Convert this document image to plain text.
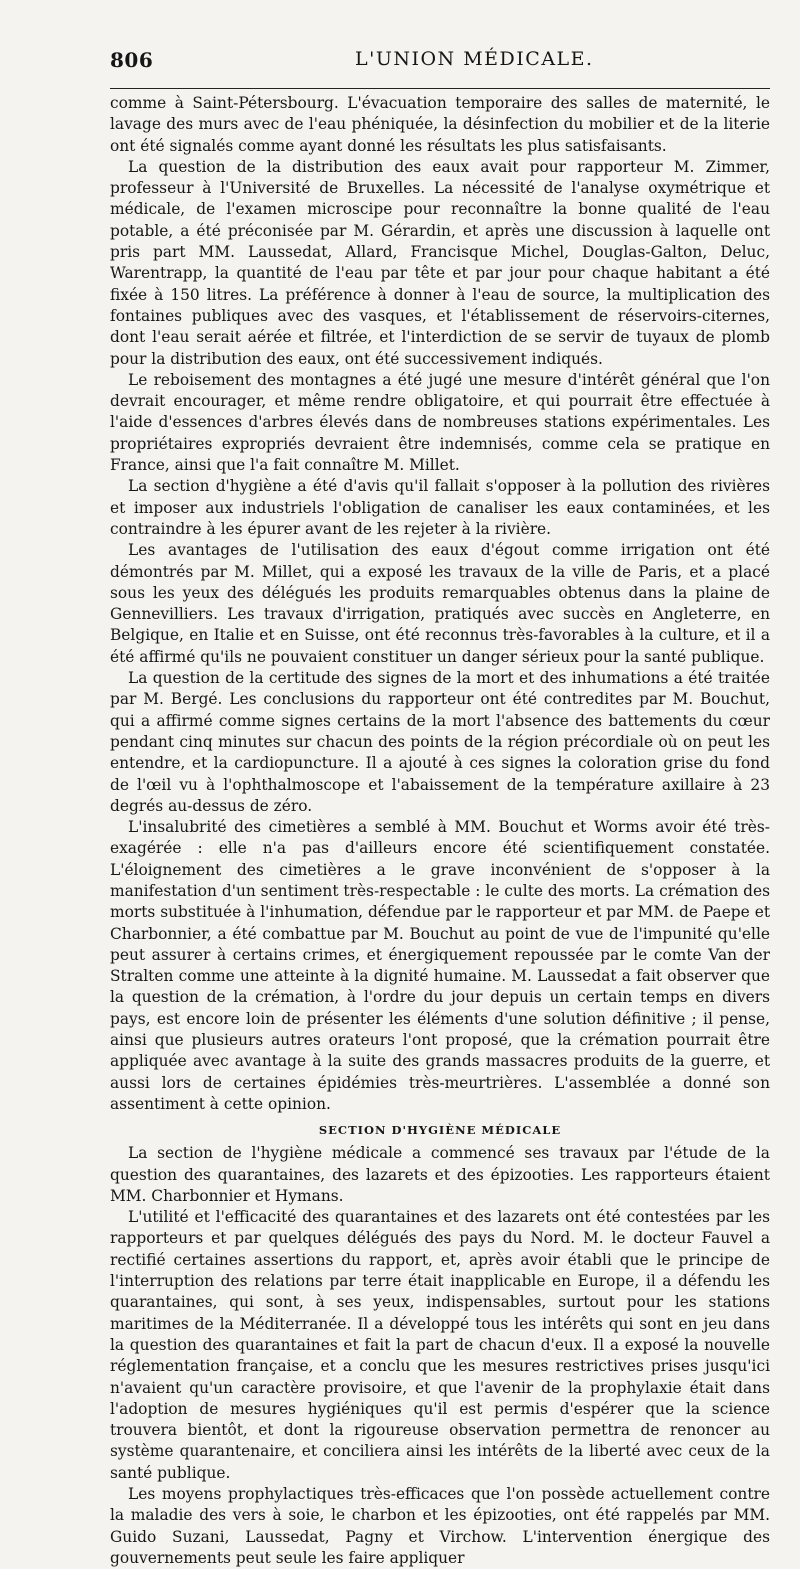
806	L'UNION MÉDICALE.

comme à Saint-Pétersbourg. L'évacuation temporaire des salles de maternité, le lavage des murs avec de l'eau phéniquée, la désinfection du mobilier et de la literie ont été signalés comme ayant donné les résultats les plus satisfaisants.

La question de la distribution des eaux avait pour rapporteur M. Zimmer, professeur à l'Université de Bruxelles. La nécessité de l'analyse oxymétrique et médicale, de l'examen microscipe pour reconnaître la bonne qualité de l'eau potable, a été préconisée par M. Gérardin, et après une discussion à laquelle ont pris part MM. Laussedat, Allard, Francisque Michel, Douglas-Galton, Deluc, Warentrapp, la quantité de l'eau par tête et par jour pour chaque habitant a été fixée à 150 litres. La préférence à donner à l'eau de source, la multiplication des fontaines publiques avec des vasques, et l'établissement de réservoirs-citernes, dont l'eau serait aérée et filtrée, et l'interdiction de se servir de tuyaux de plomb pour la distribution des eaux, ont été successivement indiqués.

Le reboisement des montagnes a été jugé une mesure d'intérêt général que l'on devrait encourager, et même rendre obligatoire, et qui pourrait être effectuée à l'aide d'essences d'arbres élevés dans de nombreuses stations expérimentales. Les propriétaires expropriés devraient être indemnisés, comme cela se pratique en France, ainsi que l'a fait connaître M. Millet.

La section d'hygiène a été d'avis qu'il fallait s'opposer à la pollution des rivières et imposer aux industriels l'obligation de canaliser les eaux contaminées, et les contraindre à les épurer avant de les rejeter à la rivière.

Les avantages de l'utilisation des eaux d'égout comme irrigation ont été démontrés par M. Millet, qui a exposé les travaux de la ville de Paris, et a placé sous les yeux des délégués les produits remarquables obtenus dans la plaine de Gennevilliers. Les travaux d'irrigation, pratiqués avec succès en Angleterre, en Belgique, en Italie et en Suisse, ont été reconnus très-favorables à la culture, et il a été affirmé qu'ils ne pouvaient constituer un danger sérieux pour la santé publique.

La question de la certitude des signes de la mort et des inhumations a été traitée par M. Bergé. Les conclusions du rapporteur ont été contredites par M. Bouchut, qui a affirmé comme signes certains de la mort l'absence des battements du cœur pendant cinq minutes sur chacun des points de la région précordiale où on peut les entendre, et la cardiopuncture. Il a ajouté à ces signes la coloration grise du fond de l'œil vu à l'ophthalmoscope et l'abaissement de la température axillaire à 23 degrés au-dessus de zéro.

L'insalubrité des cimetières a semblé à MM. Bouchut et Worms avoir été très-exagérée : elle n'a pas d'ailleurs encore été scientifiquement constatée. L'éloignement des cimetières a le grave inconvénient de s'opposer à la manifestation d'un sentiment très-respectable : le culte des morts. La crémation des morts substituée à l'inhumation, défendue par le rapporteur et par MM. de Paepe et Charbonnier, a été combattue par M. Bouchut au point de vue de l'impunité qu'elle peut assurer à certains crimes, et énergiquement repoussée par le comte Van der Stralten comme une atteinte à la dignité humaine. M. Laussedat a fait observer que la question de la crémation, à l'ordre du jour depuis un certain temps en divers pays, est encore loin de présenter les éléments d'une solution définitive ; il pense, ainsi que plusieurs autres orateurs l'ont proposé, que la crémation pourrait être appliquée avec avantage à la suite des grands massacres produits de la guerre, et aussi lors de certaines épidémies très-meurtrières. L'assemblée a donné son assentiment à cette opinion.

SECTION D'HYGIÈNE MÉDICALE

La section de l'hygiène médicale a commencé ses travaux par l'étude de la question des quarantaines, des lazarets et des épizooties. Les rapporteurs étaient MM. Charbonnier et Hymans.

L'utilité et l'efficacité des quarantaines et des lazarets ont été contestées par les rapporteurs et par quelques délégués des pays du Nord. M. le docteur Fauvel a rectifié certaines assertions du rapport, et, après avoir établi que le principe de l'interruption des relations par terre était inapplicable en Europe, il a défendu les quarantaines, qui sont, à ses yeux, indispensables, surtout pour les stations maritimes de la Méditerranée. Il a développé tous les intérêts qui sont en jeu dans la question des quarantaines et fait la part de chacun d'eux. Il a exposé la nouvelle réglementation française, et a conclu que les mesures restrictives prises jusqu'ici n'avaient qu'un caractère provisoire, et que l'avenir de la prophylaxie était dans l'adoption de mesures hygiéniques qu'il est permis d'espérer que la science trouvera bientôt, et dont la rigoureuse observation permettra de renoncer au système quarantenaire, et concilierа ainsi les intérêts de la liberté avec ceux de la santé publique.

Les moyens prophylactiques très-efficaces que l'on possède actuellement contre la maladie des vers à soie, le charbon et les épizooties, ont été rappelés par MM. Guido Suzani, Laussedat, Pagny et Virchow. L'intervention énergique des gouvernements peut seule les faire appliquer
